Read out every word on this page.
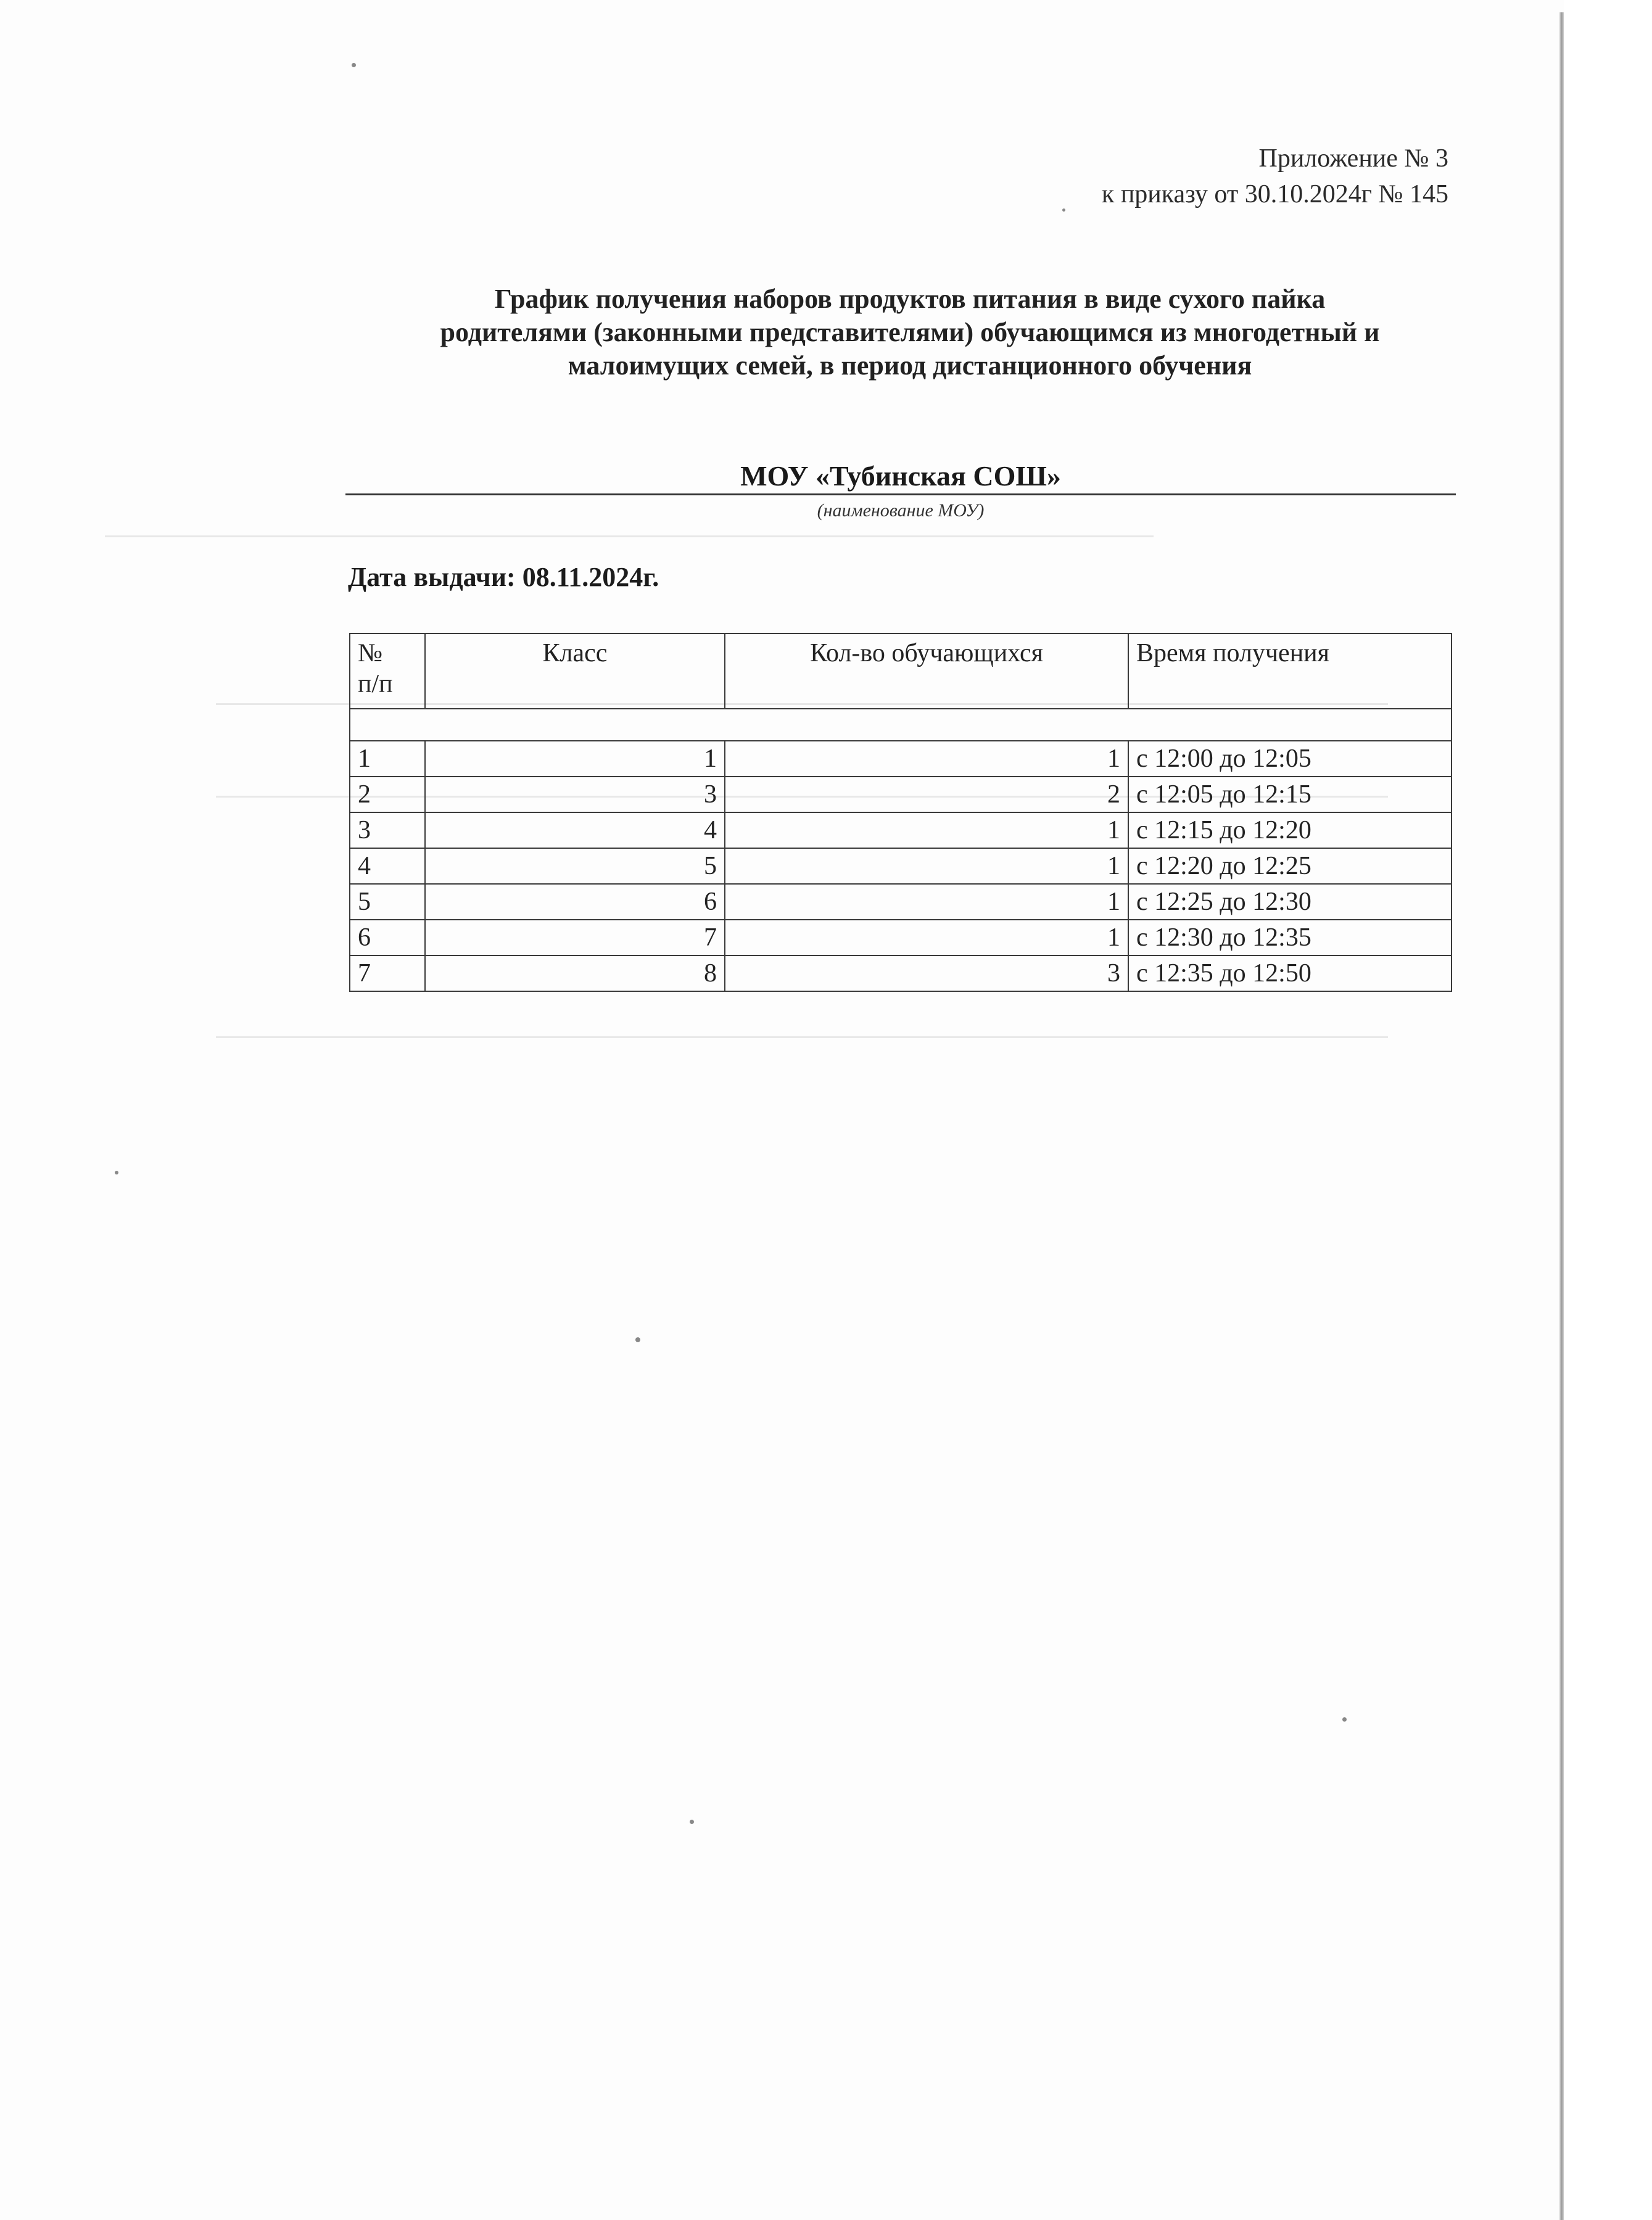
Приложение № 3
к приказу от 30.10.2024г № 145
График получения наборов продуктов питания в виде сухого пайка
родителями (законными представителями) обучающимся из многодетный и
малоимущих семей, в период дистанционного обучения
МОУ «Тубинская СОШ»
(наименование МОУ)
Дата выдачи: 08.11.2024г.
№
п/п	Класс	Кол-во обучающихся	Время получения

1	1	1	с 12:00 до 12:05
2	3	2	с 12:05 до 12:15
3	4	1	с 12:15 до 12:20
4	5	1	с 12:20 до 12:25
5	6	1	с 12:25 до 12:30
6	7	1	с 12:30 до 12:35
7	8	3	с 12:35 до 12:50
